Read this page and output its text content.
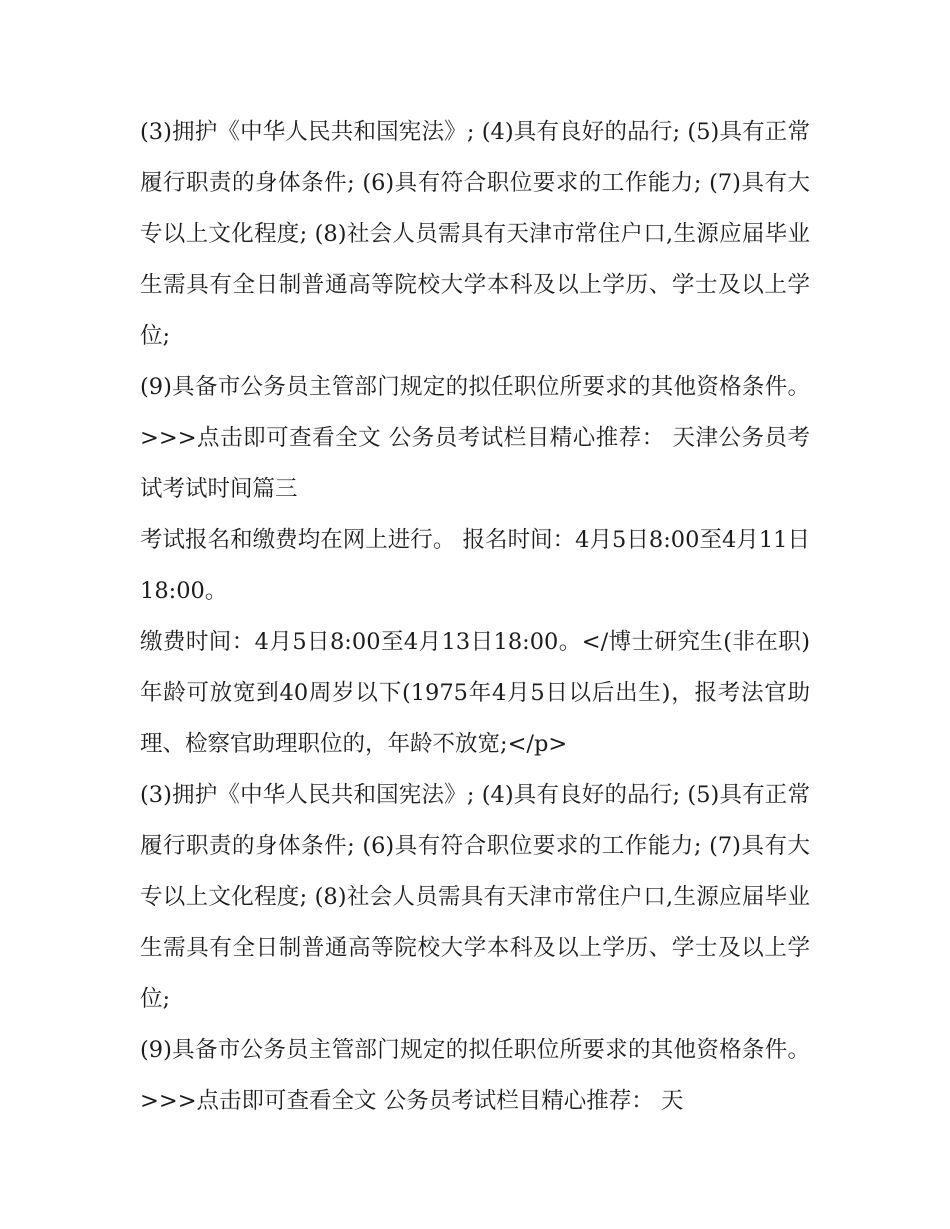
(3)拥护《中华人民共和国宪法》; (4)具有良好的品行; (5)具有正常履行职责的身体条件; (6)具有符合职位要求的工作能力; (7)具有大专以上文化程度; (8)社会人员需具有天津市常住户口,生源应届毕业生需具有全日制普通高等院校大学本科及以上学历、学士及以上学位;

(9)具备市公务员主管部门规定的拟任职位所要求的其他资格条件。>>>点击即可查看全文 公务员考试栏目精心推荐： 天津公务员考试考试时间篇三

考试报名和缴费均在网上进行。 报名时间：4月5日8:00至4月11日18:00。

缴费时间：4月5日8:00至4月13日18:00。</博士研究生(非在职)年龄可放宽到40周岁以下(1975年4月5日以后出生)，报考法官助理、检察官助理职位的，年龄不放宽;</p>

(3)拥护《中华人民共和国宪法》; (4)具有良好的品行; (5)具有正常履行职责的身体条件; (6)具有符合职位要求的工作能力; (7)具有大专以上文化程度; (8)社会人员需具有天津市常住户口,生源应届毕业生需具有全日制普通高等院校大学本科及以上学历、学士及以上学位;

(9)具备市公务员主管部门规定的拟任职位所要求的其他资格条件。>>>点击即可查看全文 公务员考试栏目精心推荐： 天
